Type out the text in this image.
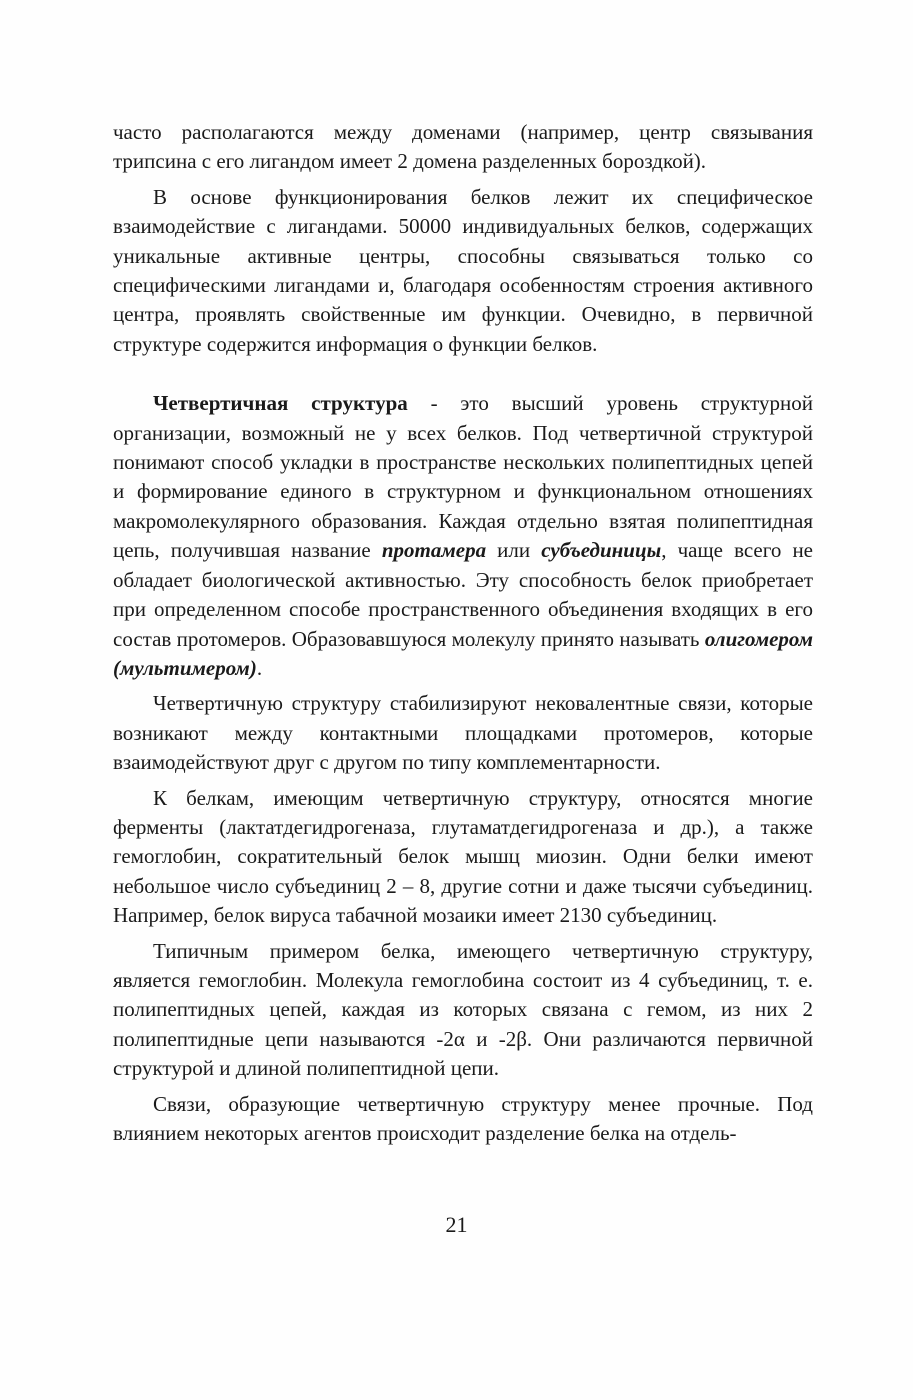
часто располагаются между доменами (например, центр связывания трипсина с его лигандом имеет 2 домена разделенных бороздкой).

В основе функционирования белков лежит их специфическое взаимодействие с лигандами. 50000 индивидуальных белков, содержащих уникальные активные центры, способны связываться только со специфическими лигандами и, благодаря особенностям строения активного центра, проявлять свойственные им функции. Очевидно, в первичной структуре содержится информация о функции белков.

Четвертичная структура - это высший уровень структурной организации, возможный не у всех белков. Под четвертичной структурой понимают способ укладки в пространстве нескольких полипептидных цепей и формирование единого в структурном и функциональном отношениях макромолекулярного образования. Каждая отдельно взятая полипептидная цепь, получившая название протамера или субъединицы, чаще всего не обладает биологической активностью. Эту способность белок приобретает при определенном способе пространственного объединения входящих в его состав протомеров. Образовавшуюся молекулу принято называть олигомером (мультимером).

Четвертичную структуру стабилизируют нековалентные связи, которые возникают между контактными площадками протомеров, которые взаимодействуют друг с другом по типу комплементарности.

К белкам, имеющим четвертичную структуру, относятся многие ферменты (лактатдегидрогеназа, глутаматдегидрогеназа и др.), а также гемоглобин, сократительный белок мышц миозин. Одни белки имеют небольшое число субъединиц 2 – 8, другие сотни и даже тысячи субъединиц. Например, белок вируса табачной мозаики имеет 2130 субъединиц.

Типичным примером белка, имеющего четвертичную структуру, является гемоглобин. Молекула гемоглобина состоит из 4 субъединиц, т. е. полипептидных цепей, каждая из которых связана с гемом, из них 2 полипептидные цепи называются -2α и -2β. Они различаются первичной структурой и длиной полипептидной цепи.

Связи, образующие четвертичную структуру менее прочные. Под влиянием некоторых агентов происходит разделение белка на отдель-

21
